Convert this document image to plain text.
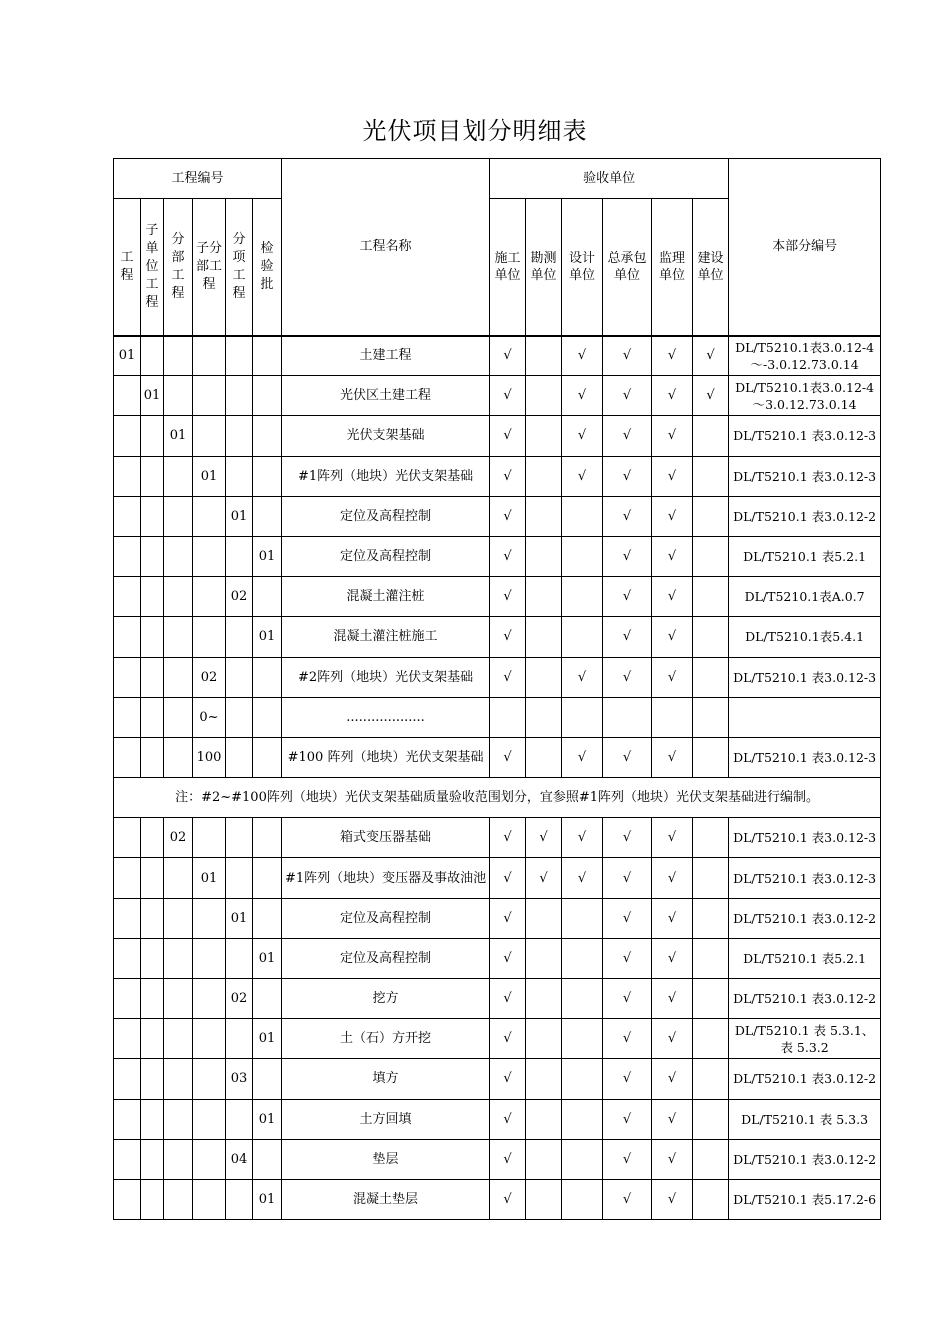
光伏项目划分明细表
工程编号						工程名称	验收单位						本部分编号
工程	子单位工程	分部工程	子分部工程	分项工程	检验批		施工单位	勘测单位	设计单位	总承包单位	监理单位	建设单位	
01						土建工程	√		√	√	√	√	DL/T5210.1表3.0.12-4～-3.0.12.73.0.14
	01					光伏区土建工程	√		√	√	√	√	DL/T5210.1表3.0.12-4～3.0.12.73.0.14
		01				光伏支架基础	√		√	√	√		DL/T5210.1 表3.0.12-3
			01			#1阵列（地块）光伏支架基础	√		√	√	√		DL/T5210.1 表3.0.12-3
				01		定位及高程控制	√			√	√		DL/T5210.1 表3.0.12-2
					01	定位及高程控制	√			√	√		DL/T5210.1 表5.2.1
				02		混凝土灌注桩	√			√	√		DL/T5210.1表A.0.7
					01	混凝土灌注桩施工	√			√	√		DL/T5210.1表5.4.1
			02			#2阵列（地块）光伏支架基础	√		√	√	√		DL/T5210.1 表3.0.12-3
			0~			...................							
			100			#100 阵列（地块）光伏支架基础	√		√	√	√		DL/T5210.1 表3.0.12-3
注：#2~#100阵列（地块）光伏支架基础质量验收范围划分，宜参照#1阵列（地块）光伏支架基础进行编制。													
		02				箱式变压器基础	√	√	√	√	√		DL/T5210.1 表3.0.12-3
			01			#1阵列（地块）变压器及事故油池	√	√	√	√	√		DL/T5210.1 表3.0.12-3
				01		定位及高程控制	√			√	√		DL/T5210.1 表3.0.12-2
					01	定位及高程控制	√			√	√		DL/T5210.1 表5.2.1
				02		挖方	√			√	√		DL/T5210.1 表3.0.12-2
					01	土（石）方开挖	√			√	√		DL/T5210.1 表 5.3.1、表 5.3.2
				03		填方	√			√	√		DL/T5210.1 表3.0.12-2
					01	土方回填	√			√	√		DL/T5210.1 表 5.3.3
				04		垫层	√			√	√		DL/T5210.1 表3.0.12-2
					01	混凝土垫层	√			√	√		DL/T5210.1 表5.17.2-6
